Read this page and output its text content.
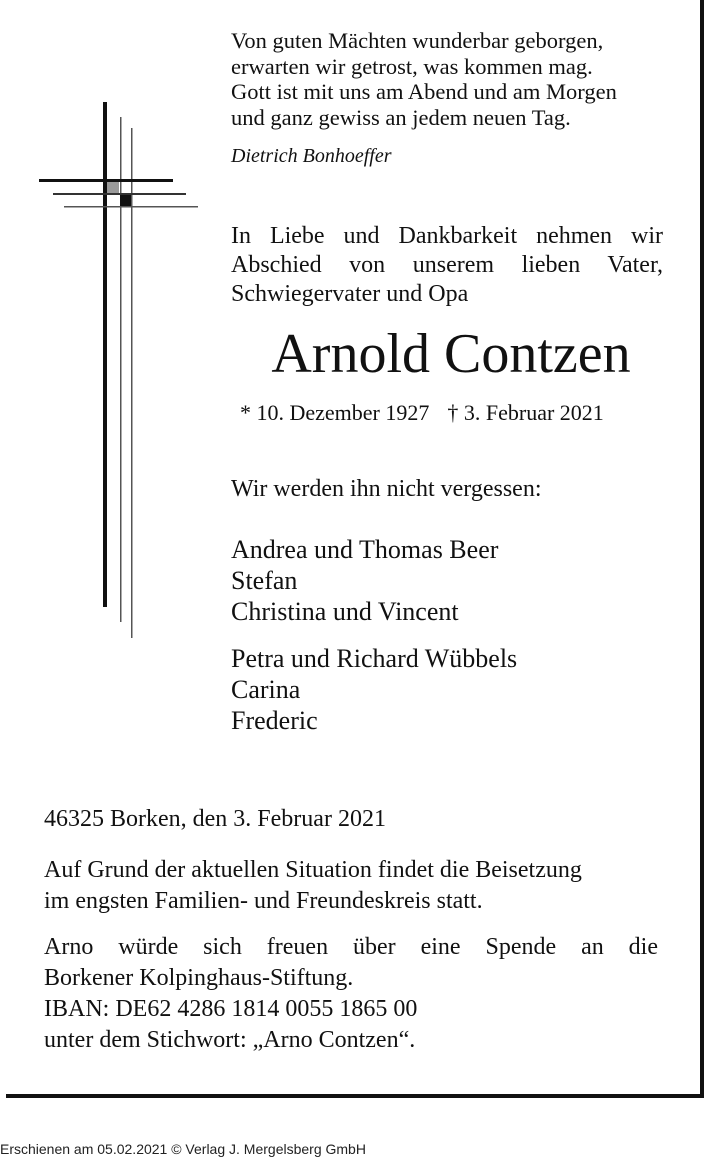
Von guten Mächten wunderbar geborgen,
erwarten wir getrost, was kommen mag.
Gott ist mit uns am Abend und am Morgen
und ganz gewiss an jedem neuen Tag.
Dietrich Bonhoeffer
In Liebe und Dankbarkeit nehmen wir
Abschied von unserem lieben Vater,
Schwiegervater und Opa
Arnold Contzen
* 10. Dezember 1927 † 3. Februar 2021
Wir werden ihn nicht vergessen:
Andrea und Thomas Beer
Stefan
Christina und Vincent
Petra und Richard Wübbels
Carina
Frederic
46325 Borken, den 3. Februar 2021
Auf Grund der aktuellen Situation findet die Beisetzung
im engsten Familien- und Freundeskreis statt.
Arno würde sich freuen über eine Spende an die
Borkener Kolpinghaus-Stiftung.
IBAN: DE62 4286 1814 0055 1865 00
unter dem Stichwort: „Arno Contzen“.
Erschienen am 05.02.2021 © Verlag J. Mergelsberg GmbH
